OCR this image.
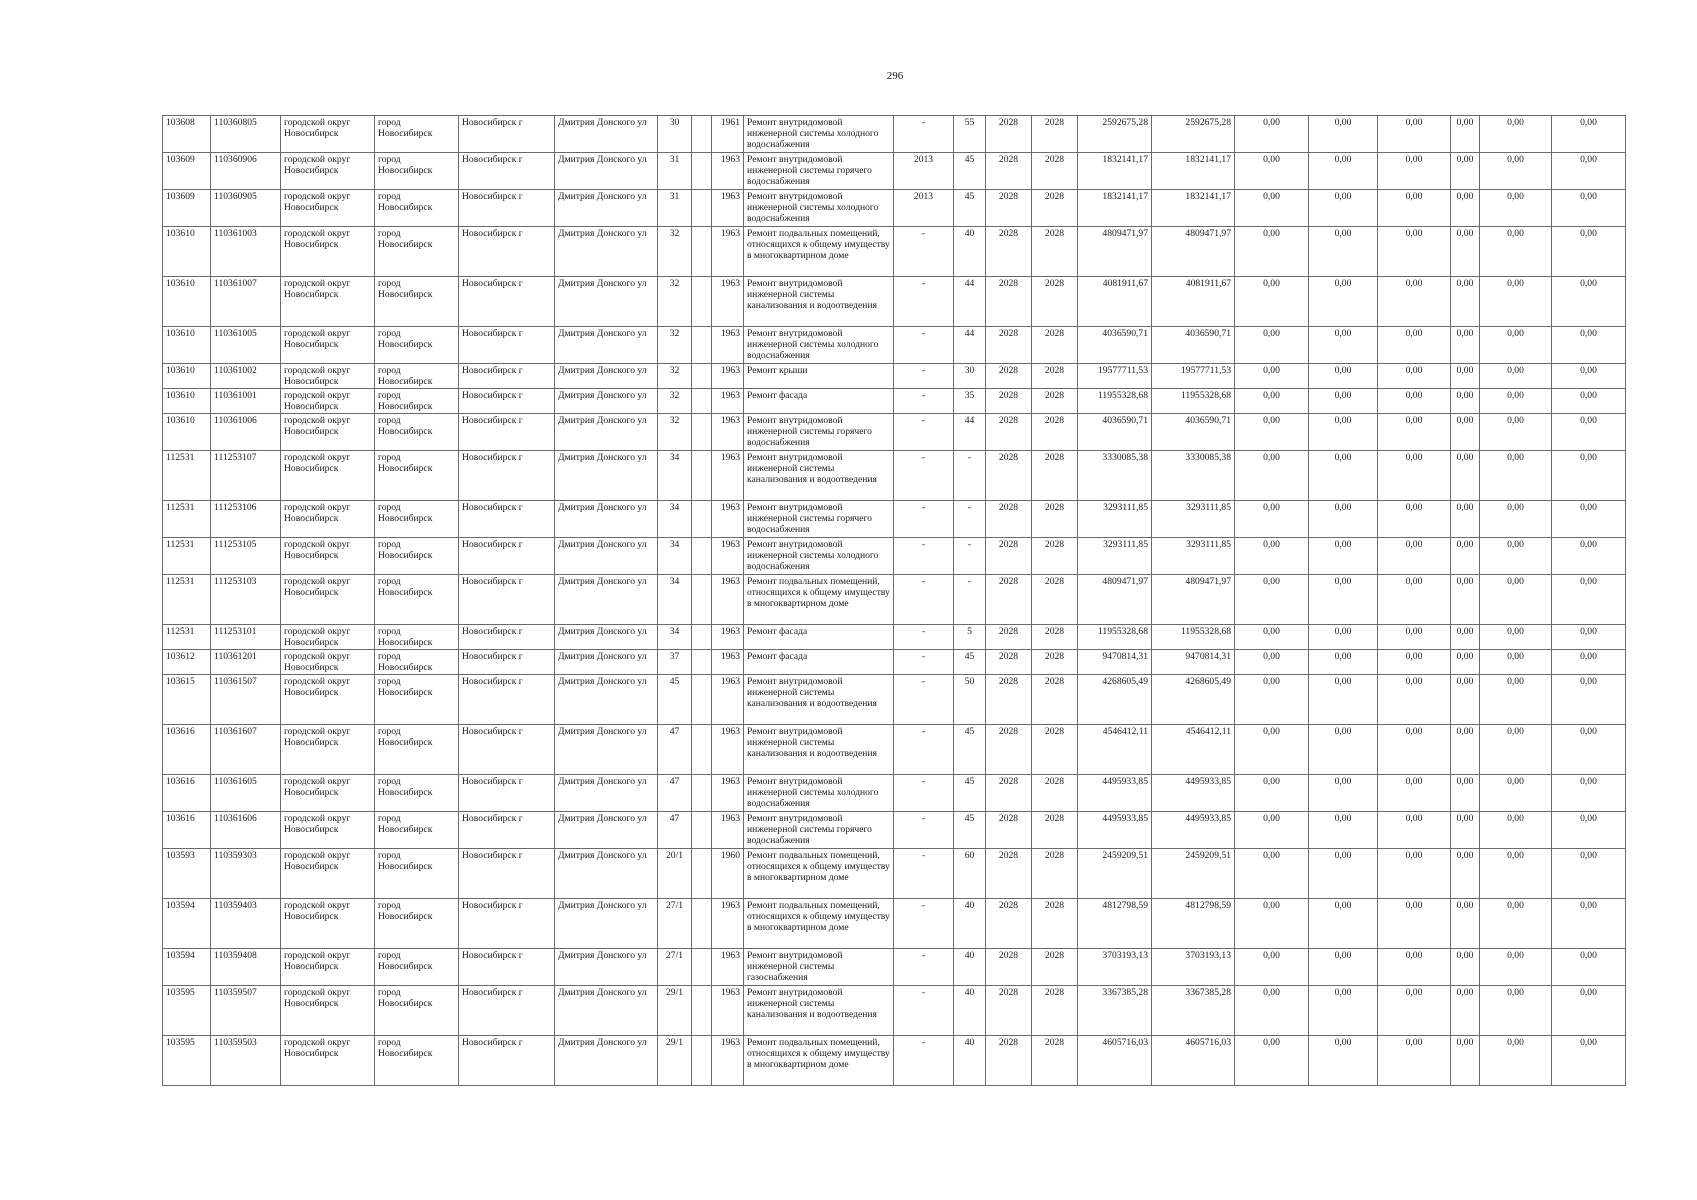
296
103608	110360805	городской округ Новосибирск	город Новосибирск	Новосибирск г	Дмитрия Донского ул	30		1961	Ремонт внутридомовой инженерной системы холодного водоснабжения	-	55	2028	2028	2592675,28	2592675,28	0,00	0,00	0,00	0,00	0,00	0,00
103609	110360906	городской округ Новосибирск	город Новосибирск	Новосибирск г	Дмитрия Донского ул	31		1963	Ремонт внутридомовой инженерной системы горячего водоснабжения	2013	45	2028	2028	1832141,17	1832141,17	0,00	0,00	0,00	0,00	0,00	0,00
103609	110360905	городской округ Новосибирск	город Новосибирск	Новосибирск г	Дмитрия Донского ул	31		1963	Ремонт внутридомовой инженерной системы холодного водоснабжения	2013	45	2028	2028	1832141,17	1832141,17	0,00	0,00	0,00	0,00	0,00	0,00
103610	110361003	городской округ Новосибирск	город Новосибирск	Новосибирск г	Дмитрия Донского ул	32		1963	Ремонт подвальных помещений, относящихся к общему имуществу в многоквартирном доме	-	40	2028	2028	4809471,97	4809471,97	0,00	0,00	0,00	0,00	0,00	0,00
103610	110361007	городской округ Новосибирск	город Новосибирск	Новосибирск г	Дмитрия Донского ул	32		1963	Ремонт внутридомовой инженерной системы канализования и водоотведения	-	44	2028	2028	4081911,67	4081911,67	0,00	0,00	0,00	0,00	0,00	0,00
103610	110361005	городской округ Новосибирск	город Новосибирск	Новосибирск г	Дмитрия Донского ул	32		1963	Ремонт внутридомовой инженерной системы холодного водоснабжения	-	44	2028	2028	4036590,71	4036590,71	0,00	0,00	0,00	0,00	0,00	0,00
103610	110361002	городской округ Новосибирск	город Новосибирск	Новосибирск г	Дмитрия Донского ул	32		1963	Ремонт крыши	-	30	2028	2028	19577711,53	19577711,53	0,00	0,00	0,00	0,00	0,00	0,00
103610	110361001	городской округ Новосибирск	город Новосибирск	Новосибирск г	Дмитрия Донского ул	32		1963	Ремонт фасада	-	35	2028	2028	11955328,68	11955328,68	0,00	0,00	0,00	0,00	0,00	0,00
103610	110361006	городской округ Новосибирск	город Новосибирск	Новосибирск г	Дмитрия Донского ул	32		1963	Ремонт внутридомовой инженерной системы горячего водоснабжения	-	44	2028	2028	4036590,71	4036590,71	0,00	0,00	0,00	0,00	0,00	0,00
112531	111253107	городской округ Новосибирск	город Новосибирск	Новосибирск г	Дмитрия Донского ул	34		1963	Ремонт внутридомовой инженерной системы канализования и водоотведения	-	-	2028	2028	3330085,38	3330085,38	0,00	0,00	0,00	0,00	0,00	0,00
112531	111253106	городской округ Новосибирск	город Новосибирск	Новосибирск г	Дмитрия Донского ул	34		1963	Ремонт внутридомовой инженерной системы горячего водоснабжения	-	-	2028	2028	3293111,85	3293111,85	0,00	0,00	0,00	0,00	0,00	0,00
112531	111253105	городской округ Новосибирск	город Новосибирск	Новосибирск г	Дмитрия Донского ул	34		1963	Ремонт внутридомовой инженерной системы холодного водоснабжения	-	-	2028	2028	3293111,85	3293111,85	0,00	0,00	0,00	0,00	0,00	0,00
112531	111253103	городской округ Новосибирск	город Новосибирск	Новосибирск г	Дмитрия Донского ул	34		1963	Ремонт подвальных помещений, относящихся к общему имуществу в многоквартирном доме	-	-	2028	2028	4809471,97	4809471,97	0,00	0,00	0,00	0,00	0,00	0,00
112531	111253101	городской округ Новосибирск	город Новосибирск	Новосибирск г	Дмитрия Донского ул	34		1963	Ремонт фасада	-	5	2028	2028	11955328,68	11955328,68	0,00	0,00	0,00	0,00	0,00	0,00
103612	110361201	городской округ Новосибирск	город Новосибирск	Новосибирск г	Дмитрия Донского ул	37		1963	Ремонт фасада	-	45	2028	2028	9470814,31	9470814,31	0,00	0,00	0,00	0,00	0,00	0,00
103615	110361507	городской округ Новосибирск	город Новосибирск	Новосибирск г	Дмитрия Донского ул	45		1963	Ремонт внутридомовой инженерной системы канализования и водоотведения	-	50	2028	2028	4268605,49	4268605,49	0,00	0,00	0,00	0,00	0,00	0,00
103616	110361607	городской округ Новосибирск	город Новосибирск	Новосибирск г	Дмитрия Донского ул	47		1963	Ремонт внутридомовой инженерной системы канализования и водоотведения	-	45	2028	2028	4546412,11	4546412,11	0,00	0,00	0,00	0,00	0,00	0,00
103616	110361605	городской округ Новосибирск	город Новосибирск	Новосибирск г	Дмитрия Донского ул	47		1963	Ремонт внутридомовой инженерной системы холодного водоснабжения	-	45	2028	2028	4495933,85	4495933,85	0,00	0,00	0,00	0,00	0,00	0,00
103616	110361606	городской округ Новосибирск	город Новосибирск	Новосибирск г	Дмитрия Донского ул	47		1963	Ремонт внутридомовой инженерной системы горячего водоснабжения	-	45	2028	2028	4495933,85	4495933,85	0,00	0,00	0,00	0,00	0,00	0,00
103593	110359303	городской округ Новосибирск	город Новосибирск	Новосибирск г	Дмитрия Донского ул	20/1		1960	Ремонт подвальных помещений, относящихся к общему имуществу в многоквартирном доме	-	60	2028	2028	2459209,51	2459209,51	0,00	0,00	0,00	0,00	0,00	0,00
103594	110359403	городской округ Новосибирск	город Новосибирск	Новосибирск г	Дмитрия Донского ул	27/1		1963	Ремонт подвальных помещений, относящихся к общему имуществу в многоквартирном доме	-	40	2028	2028	4812798,59	4812798,59	0,00	0,00	0,00	0,00	0,00	0,00
103594	110359408	городской округ Новосибирск	город Новосибирск	Новосибирск г	Дмитрия Донского ул	27/1		1963	Ремонт внутридомовой инженерной системы газоснабжения	-	40	2028	2028	3703193,13	3703193,13	0,00	0,00	0,00	0,00	0,00	0,00
103595	110359507	городской округ Новосибирск	город Новосибирск	Новосибирск г	Дмитрия Донского ул	29/1		1963	Ремонт внутридомовой инженерной системы канализования и водоотведения	-	40	2028	2028	3367385,28	3367385,28	0,00	0,00	0,00	0,00	0,00	0,00
103595	110359503	городской округ Новосибирск	город Новосибирск	Новосибирск г	Дмитрия Донского ул	29/1		1963	Ремонт подвальных помещений, относящихся к общему имуществу в многоквартирном доме	-	40	2028	2028	4605716,03	4605716,03	0,00	0,00	0,00	0,00	0,00	0,00
